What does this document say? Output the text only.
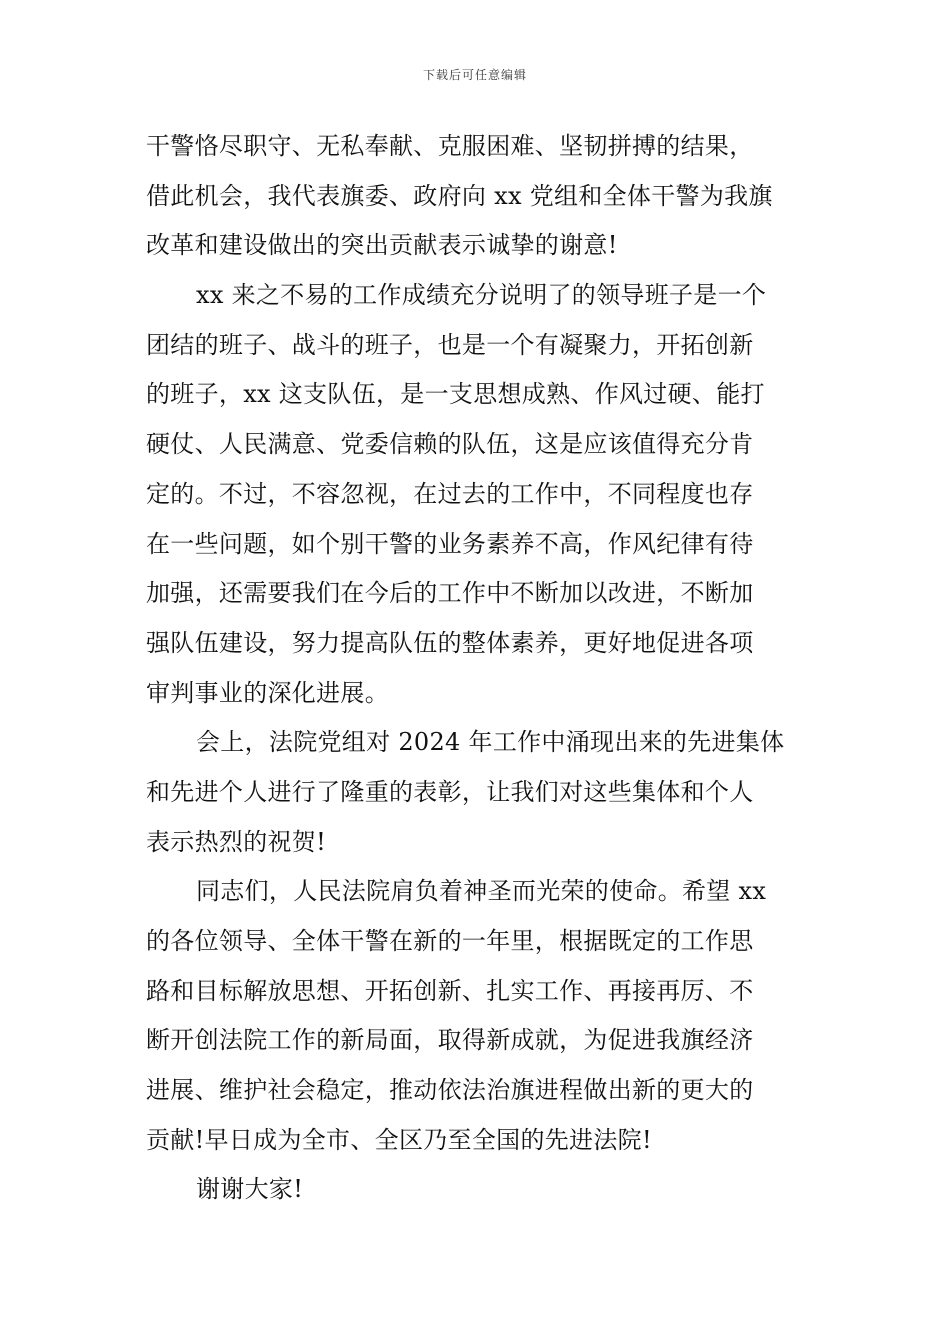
下载后可任意编辑
干警恪尽职守、无私奉献、克服困难、坚韧拼搏的结果，
借此机会，我代表旗委、政府向 xx 党组和全体干警为我旗
改革和建设做出的突出贡献表示诚挚的谢意!
xx 来之不易的工作成绩充分说明了的领导班子是一个
团结的班子、战斗的班子，也是一个有凝聚力，开拓创新
的班子，xx 这支队伍，是一支思想成熟、作风过硬、能打
硬仗、人民满意、党委信赖的队伍，这是应该值得充分肯
定的。不过，不容忽视，在过去的工作中，不同程度也存
在一些问题，如个别干警的业务素养不高，作风纪律有待
加强，还需要我们在今后的工作中不断加以改进，不断加
强队伍建设，努力提高队伍的整体素养，更好地促进各项
审判事业的深化进展。
会上，法院党组对 2024 年工作中涌现出来的先进集体
和先进个人进行了隆重的表彰，让我们对这些集体和个人
表示热烈的祝贺!
同志们，人民法院肩负着神圣而光荣的使命。希望 xx
的各位领导、全体干警在新的一年里，根据既定的工作思
路和目标解放思想、开拓创新、扎实工作、再接再厉、不
断开创法院工作的新局面，取得新成就，为促进我旗经济
进展、维护社会稳定，推动依法治旗进程做出新的更大的
贡献!早日成为全市、全区乃至全国的先进法院!
谢谢大家!
